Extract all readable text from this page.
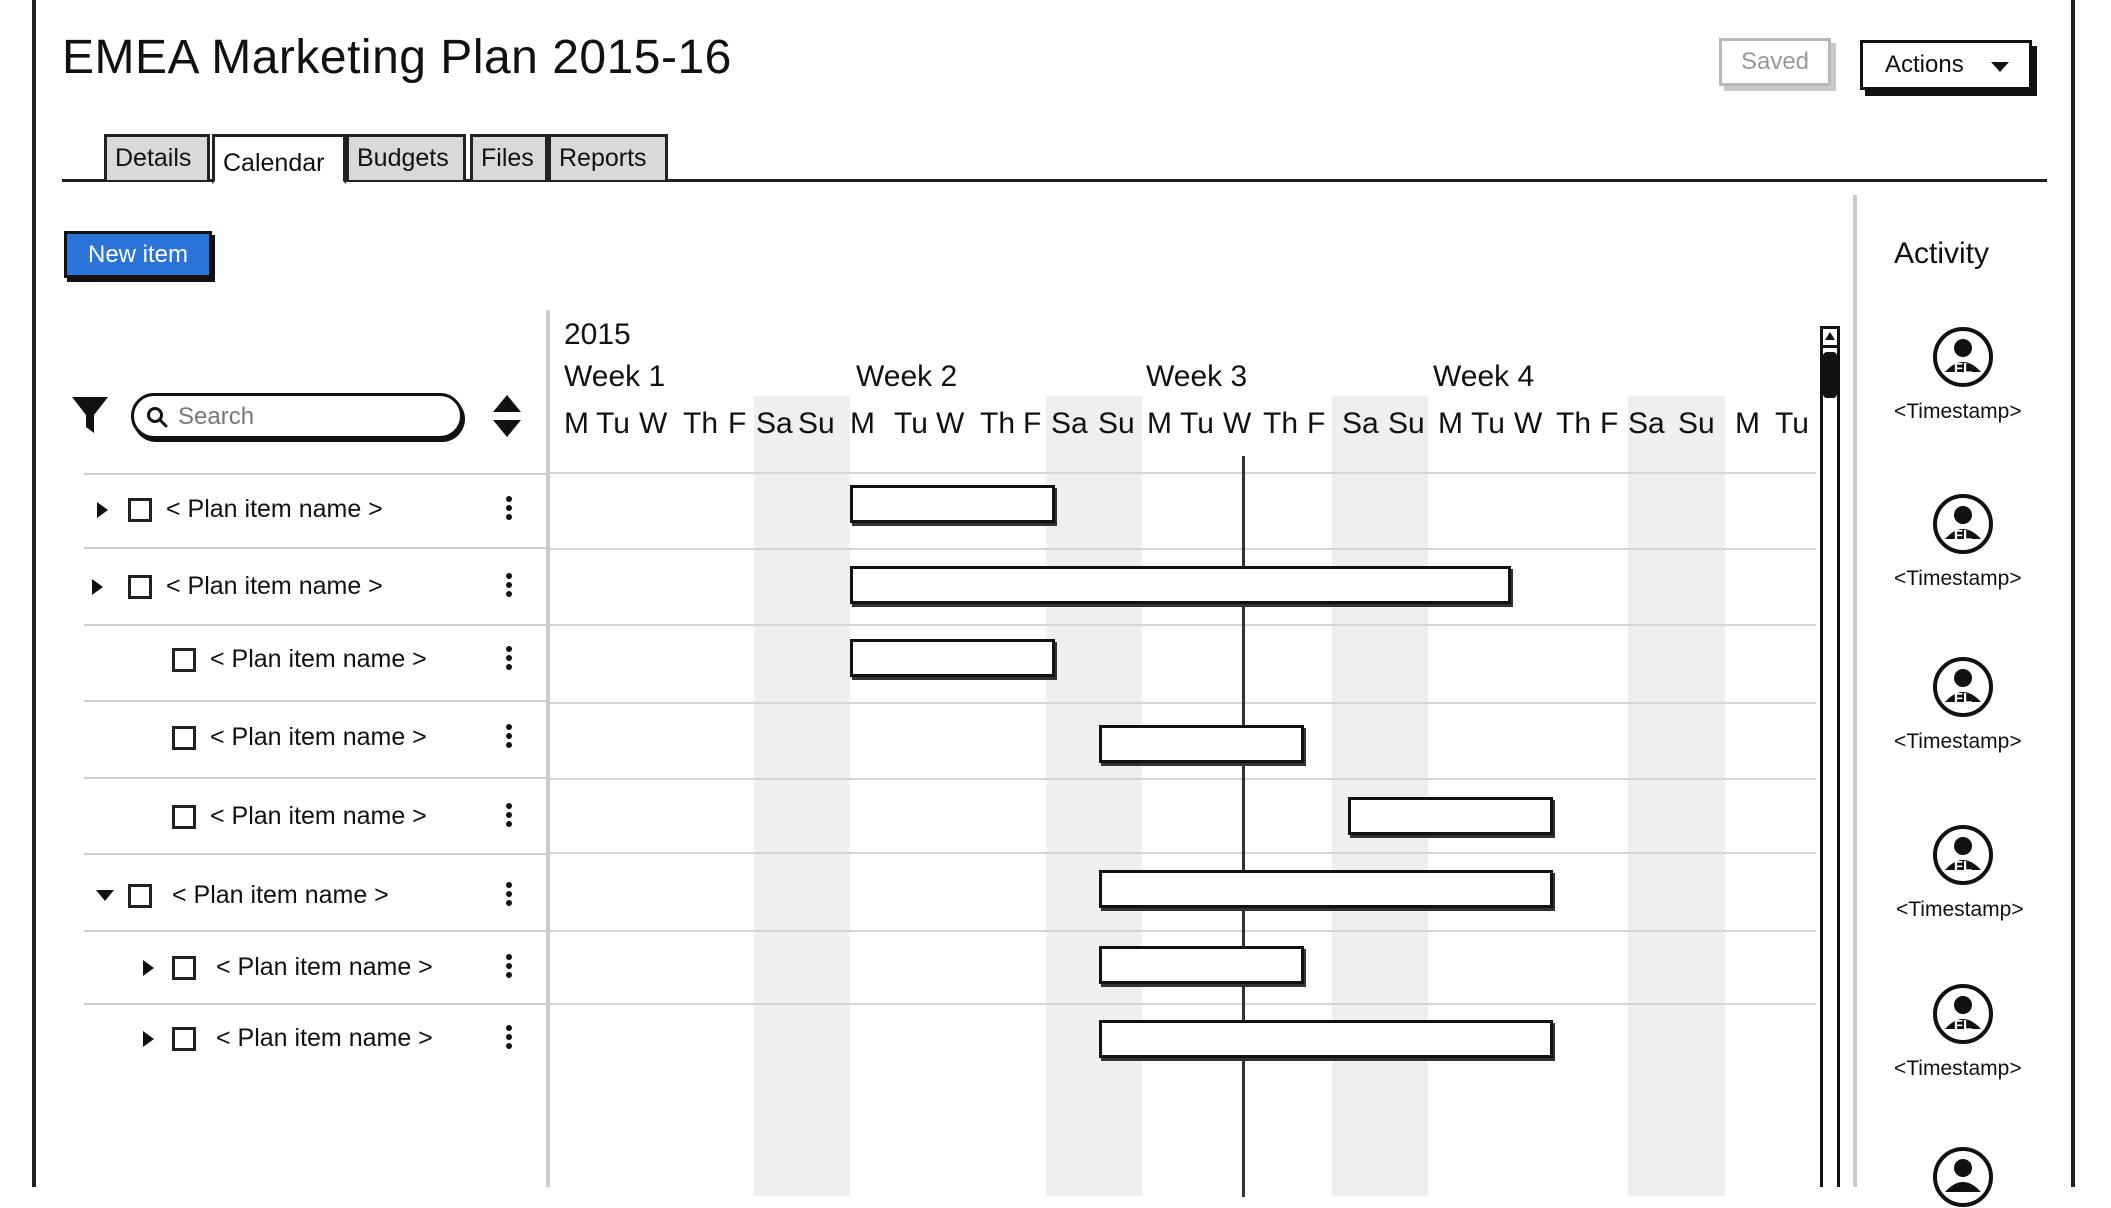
EMEA Marketing Plan 2015-16	Saved	Actions
Details	Calendar	Budgets	Files	Reports
New item
Search
< Plan item name >
< Plan item name >
< Plan item name >
< Plan item name >
< Plan item name >
< Plan item name >
< Plan item name >
< Plan item name >
2015
Week 1	Week 2	Week 3	Week 4
M Tu W Th F Sa Su M Tu W Th F Sa Su M Tu W Th F Sa Su M Tu W Th F Sa Su M Tu
Activity
FL
<Timestamp>
FL
<Timestamp>
FL
<Timestamp>
FL
<Timestamp>
FL
<Timestamp>
